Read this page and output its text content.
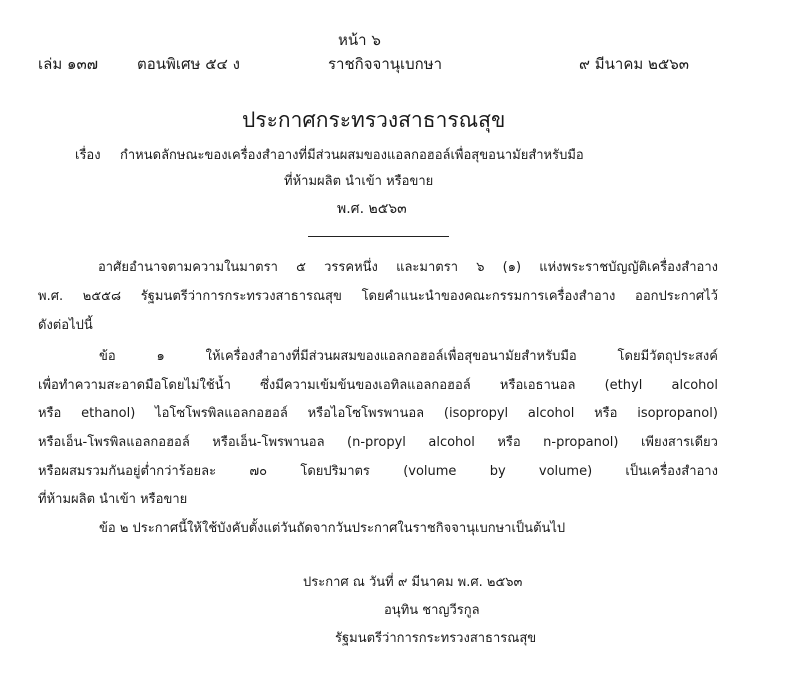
หน้า ๖
เล่ม ๑๓๗	ตอนพิเศษ ๕๔ ง	ราชกิจจานุเบกษา	๙ มีนาคม ๒๕๖๓
ประกาศกระทรวงสาธารณสุข
เรื่อง กำหนดลักษณะของเครื่องสำอางที่มีส่วนผสมของแอลกอฮอล์เพื่อสุขอนามัยสำหรับมือ
ที่ห้ามผลิต นำเข้า หรือขาย
พ.ศ. ๒๕๖๓
อาศัยอำนาจตามความในมาตรา ๕ วรรคหนึ่ง และมาตรา ๖ (๑) แห่งพระราชบัญญัติเครื่องสำอาง
พ.ศ. ๒๕๕๘ รัฐมนตรีว่าการกระทรวงสาธารณสุข โดยคำแนะนำของคณะกรรมการเครื่องสำอาง ออกประกาศไว้
ดังต่อไปนี้
ข้อ	๑	ให้เครื่องสำอางที่มีส่วนผสมของแอลกอฮอล์เพื่อสุขอนามัยสำหรับมือ	โดยมีวัตถุประสงค์
เพื่อทำความสะอาดมือโดยไม่ใช้น้ำ ซึ่งมีความเข้มข้นของเอทิลแอลกอฮอล์ หรือเอธานอล (ethyl alcohol
หรือ ethanol) ไอโซโพรพิลแอลกอฮอล์ หรือไอโซโพรพานอล (isopropyl alcohol หรือ isopropanol)
หรือเอ็น-โพรพิลแอลกอฮอล์ หรือเอ็น-โพรพานอล (n-propyl alcohol หรือ n-propanol) เพียงสารเดียว
หรือผสมรวมกันอยู่ต่ำกว่าร้อยละ	๗๐	โดยปริมาตร	(volume	by	volume)	เป็นเครื่องสำอาง
ที่ห้ามผลิต นำเข้า หรือขาย
ข้อ ๒ ประกาศนี้ให้ใช้บังคับตั้งแต่วันถัดจากวันประกาศในราชกิจจานุเบกษาเป็นต้นไป
ประกาศ ณ วันที่ ๙ มีนาคม พ.ศ. ๒๕๖๓
อนุทิน ชาญวีรกูล
รัฐมนตรีว่าการกระทรวงสาธารณสุข
